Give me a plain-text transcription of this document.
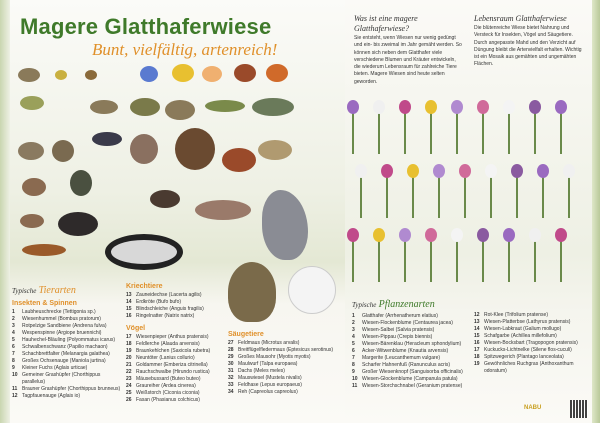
Magere Glatthaferwiese
Bunt, vielfältig, artenreich!
Typische Tierarten
Insekten & Spinnen
1	Laubheuschrecke (Tettigonia sp.)
2	Wiesenhummel (Bombus pratorum)
3	Rotpelzige Sandbiene (Andrena fulva)
4	Wespenspinne (Argiope bruennichi)
5	Hauhechel-Bläuling (Polyommatus icarus)
6	Schwalbenschwanz (Papilio machaon)
7	Schachbrettfalter (Melanargia galathea)
8	Großes Ochsenauge (Maniola jurtina)
9	Kleiner Fuchs (Aglais urticae)
10 Gemeiner Grashüpfer (Chorthippus parallelus)
11 Brauner Grashüpfer (Chorthippus brunneus)
12 Tagpfauenauge (Aglais io)
Kriechtiere
13 Zauneidechse (Lacerta agilis)
14 Erdkröte (Bufo bufo)
15 Blindschleiche (Anguis fragilis)
16 Ringelnatter (Natrix natrix)
Vögel
17 Wiesenpieper (Anthus pratensis)
18 Feldlerche (Alauda arvensis)
19 Braunkehlchen (Saxicola rubetra)
20 Neuntöter (Lanius collurio)
21 Goldammer (Emberiza citrinella)
22 Rauchschwalbe (Hirundo rustica)
23 Mäusebussard (Buteo buteo)
24 Graureiher (Ardea cinerea)
25 Weißstorch (Ciconia ciconia)
26 Fasan (Phasianus colchicus)
Säugetiere
27 Feldmaus (Microtus arvalis)
28 Breitflügelfledermaus (Eptesicus serotinus)
29 Großes Mausohr (Myotis myotis)
30 Maulwurf (Talpa europaea)
31 Dachs (Meles meles)
32 Mauswiesel (Mustela nivalis)
33 Feldhase (Lepus europaeus)
34 Reh (Capreolus capreolus)
Was ist eine magere Glatthaferwiese?

Sie entsteht, wenn Wiesen nur wenig gedüngt und ein- bis zweimal im Jahr gemäht werden. So können sich neben dem Glatthafer viele verschiedene Blumen und Kräuter entwickeln, die wiederum Lebensraum für zahlreiche Tiere bieten. Magere Wiesen sind heute selten geworden.

Lebensraum Glatthaferwiese

Die blütenreiche Wiese bietet Nahrung und Versteck für Insekten, Vögel und Säugetiere. Durch angepasste Mahd und den Verzicht auf Düngung bleibt die Artenvielfalt erhalten. Wichtig ist ein Mosaik aus gemähten und ungemähten Flächen.

Typische Pflanzenarten
1	Glatthafer (Arrhenatherum elatius)
2	Wiesen-Flockenblume (Centaurea jacea)
3	Wiesen-Salbei (Salvia pratensis)
4	Wiesen-Pippau (Crepis biennis)
5	Wiesen-Bärenklau (Heracleum sphondylium)
6	Acker-Witwenblume (Knautia arvensis)
7	Margerite (Leucanthemum vulgare)
8	Scharfer Hahnenfuß (Ranunculus acris)
9	Großer Wiesenknopf (Sanguisorba officinalis)
10 Wiesen-Glockenblume (Campanula patula)
11 Wiesen-Storchschnabel (Geranium pratense)
12 Rot-Klee (Trifolium pratense)
13 Wiesen-Platterbse (Lathyrus pratensis)
14 Wiesen-Labkraut (Galium mollugo)
15 Schafgarbe (Achillea millefolium)
16 Wiesen-Bocksbart (Tragopogon pratensis)
17 Kuckucks-Lichtnelke (Silene flos-cuculi)
18 Spitzwegerich (Plantago lanceolata)
19 Gewöhnliches Ruchgras (Anthoxanthum odoratum)
NABU
